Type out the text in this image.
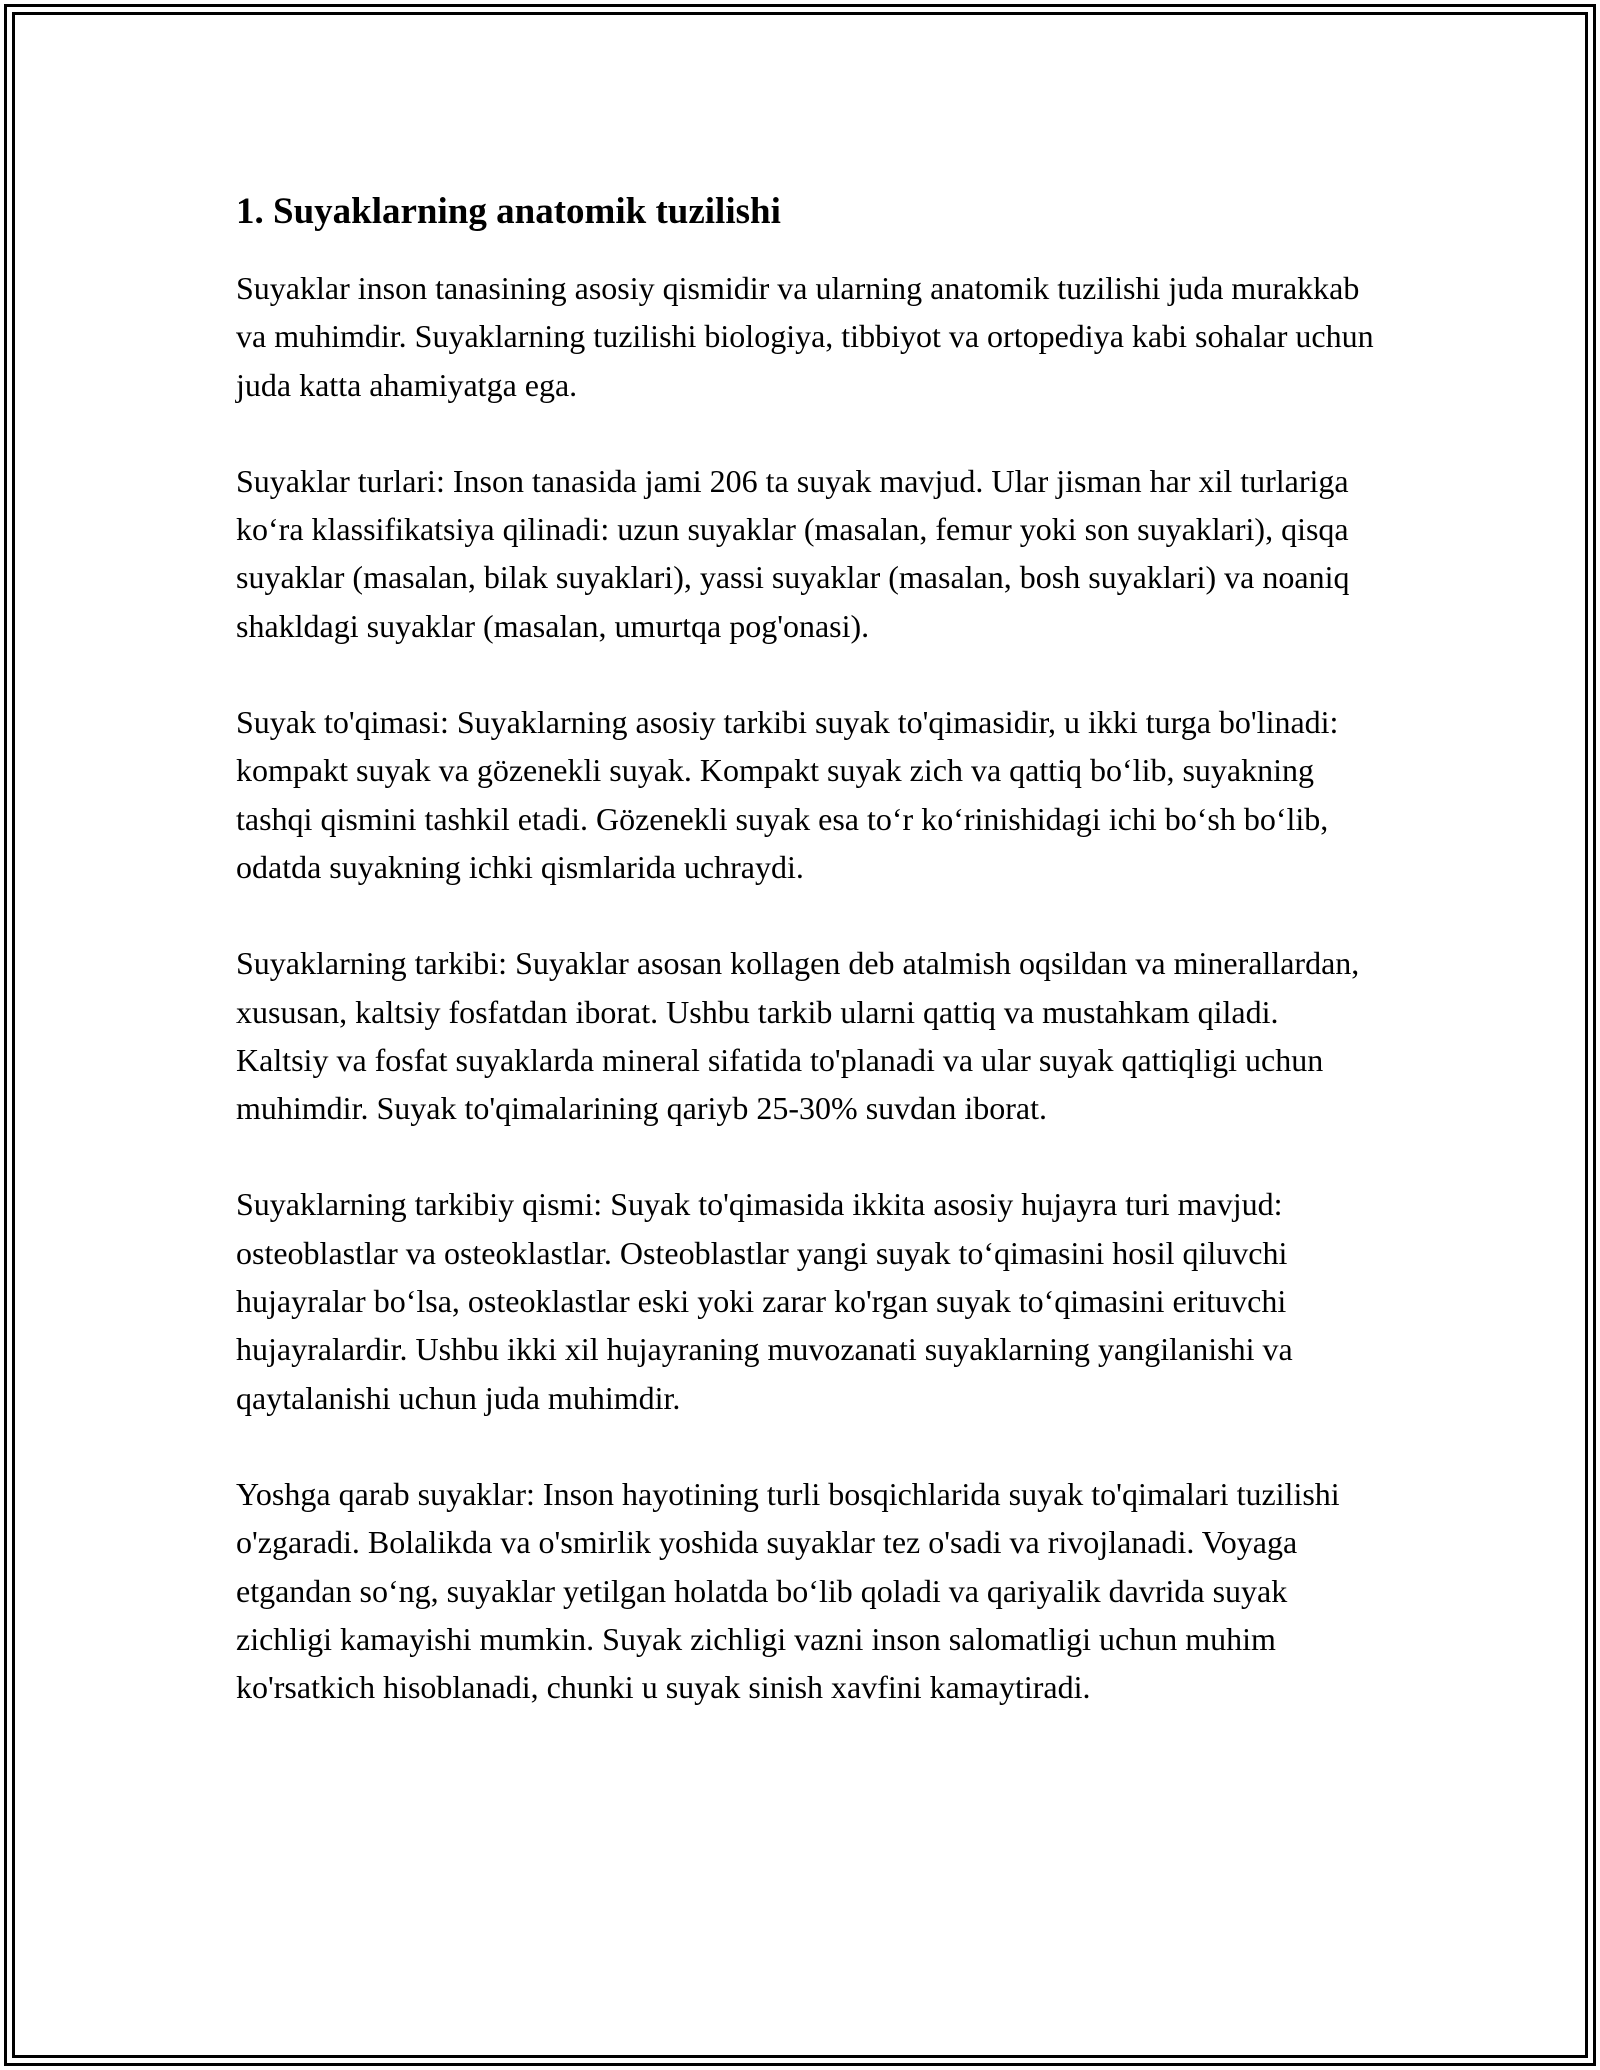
1. Suyaklarning anatomik tuzilishi

Suyaklar inson tanasining asosiy qismidir va ularning anatomik tuzilishi juda murakkab va muhimdir. Suyaklarning tuzilishi biologiya, tibbiyot va ortopediya kabi sohalar uchun juda katta ahamiyatga ega.

Suyaklar turlari: Inson tanasida jami 206 ta suyak mavjud. Ular jisman har xil turlariga ko‘ra klassifikatsiya qilinadi: uzun suyaklar (masalan, femur yoki son suyaklari), qisqa suyaklar (masalan, bilak suyaklari), yassi suyaklar (masalan, bosh suyaklari) va noaniq shakldagi suyaklar (masalan, umurtqa pog'onasi).

Suyak to'qimasi: Suyaklarning asosiy tarkibi suyak to'qimasidir, u ikki turga bo'linadi: kompakt suyak va gözenekli suyak. Kompakt suyak zich va qattiq bo‘lib, suyakning tashqi qismini tashkil etadi. Gözenekli suyak esa to‘r ko‘rinishidagi ichi bo‘sh bo‘lib, odatda suyakning ichki qismlarida uchraydi.

Suyaklarning tarkibi: Suyaklar asosan kollagen deb atalmish oqsildan va minerallardan, xususan, kaltsiy fosfatdan iborat. Ushbu tarkib ularni qattiq va mustahkam qiladi. Kaltsiy va fosfat suyaklarda mineral sifatida to'planadi va ular suyak qattiqligi uchun muhimdir. Suyak to'qimalarining qariyb 25-30% suvdan iborat.

Suyaklarning tarkibiy qismi: Suyak to'qimasida ikkita asosiy hujayra turi mavjud: osteoblastlar va osteoklastlar. Osteoblastlar yangi suyak to‘qimasini hosil qiluvchi hujayralar bo‘lsa, osteoklastlar eski yoki zarar ko'rgan suyak to‘qimasini erituvchi hujayralardir. Ushbu ikki xil hujayraning muvozanati suyaklarning yangilanishi va qaytalanishi uchun juda muhimdir.

Yoshga qarab suyaklar: Inson hayotining turli bosqichlarida suyak to'qimalari tuzilishi o'zgaradi. Bolalikda va o'smirlik yoshida suyaklar tez o'sadi va rivojlanadi. Voyaga etgandan so‘ng, suyaklar yetilgan holatda bo‘lib qoladi va qariyalik davrida suyak zichligi kamayishi mumkin. Suyak zichligi vazni inson salomatligi uchun muhim ko'rsatkich hisoblanadi, chunki u suyak sinish xavfini kamaytiradi.
